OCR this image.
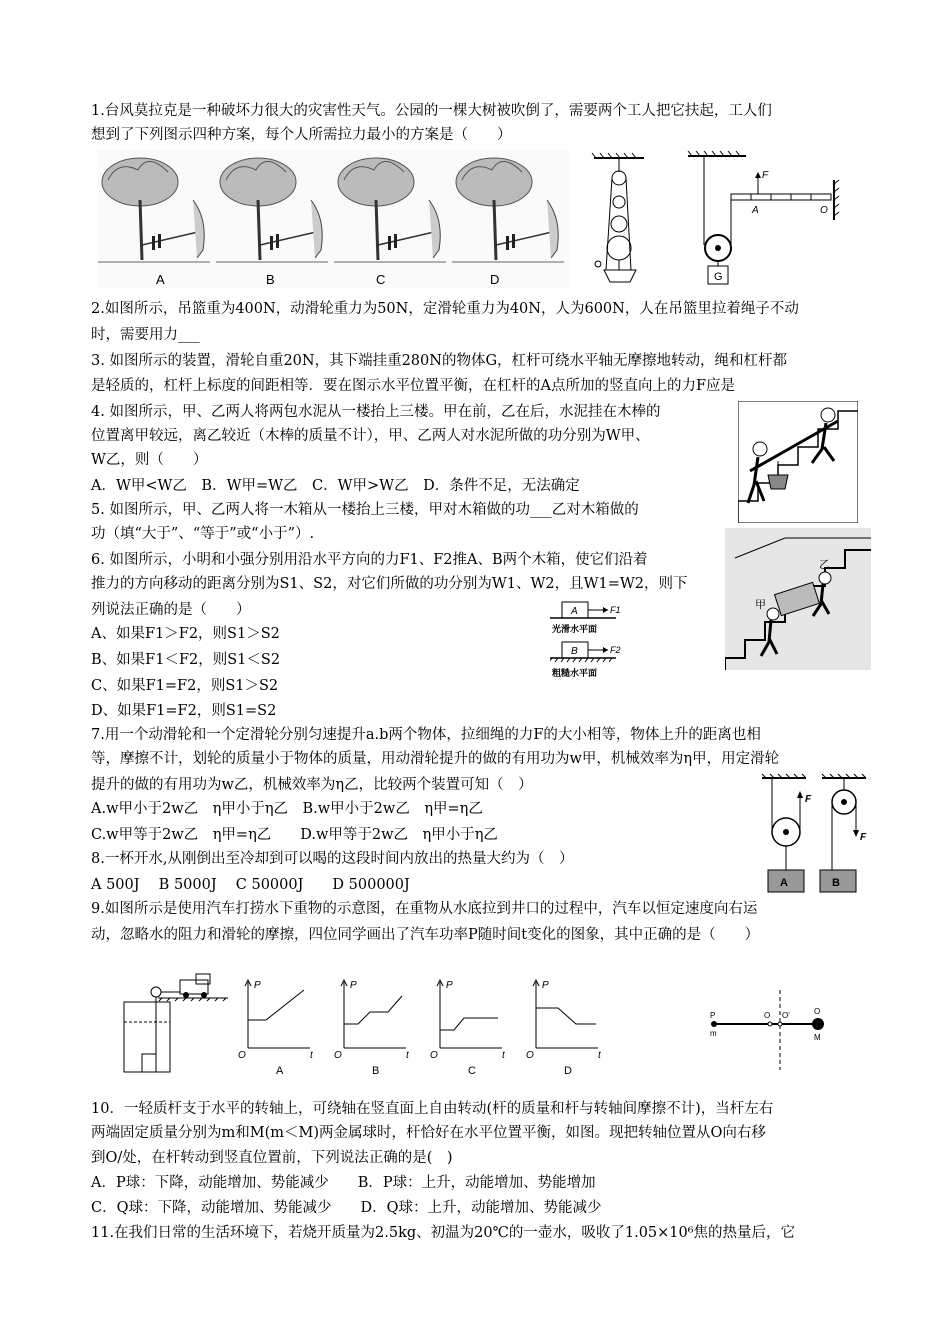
1.台风莫拉克是一种破坏力很大的灾害性天气。公园的一棵大树被吹倒了，需要两个工人把它扶起，工人们
想到了下列图示四种方案，每个人所需拉力最小的方案是（　　）
2.如图所示，吊篮重为400N，动滑轮重力为50N，定滑轮重力为40N，人为600N，人在吊篮里拉着绳子不动
时，需要用力___
3. 如图所示的装置，滑轮自重20N，其下端挂重280N的物体G，杠杆可绕水平轴无摩擦地转动，绳和杠杆都
是轻质的，杠杆上标度的间距相等．要在图示水平位置平衡，在杠杆的A点所加的竖直向上的力F应是
4. 如图所示，甲、乙两人将两包水泥从一楼抬上三楼。甲在前，乙在后，水泥挂在木棒的
位置离甲较远，离乙较近（木棒的质量不计），甲、乙两人对水泥所做的功分别为W甲、
W乙，则（　　）
A．W甲<W乙　B．W甲=W乙　C．W甲>W乙　D．条件不足，无法确定
5. 如图所示，甲、乙两人将一木箱从一楼抬上三楼，甲对木箱做的功___乙对木箱做的
功（填“大于”、“等于”或“小于”）.
6. 如图所示，小明和小强分别用沿水平方向的力F1、F2推A、B两个木箱，使它们沿着
推力的方向移动的距离分别为S1、S2，对它们所做的功分别为W1、W2，且W1=W2，则下
列说法正确的是（　　）
A、如果F1＞F2，则S1＞S2
B、如果F1＜F2，则S1＜S2
C、如果F1=F2，则S1＞S2
D、如果F1=F2，则S1=S2
7.用一个动滑轮和一个定滑轮分别匀速提升a.b两个物体，拉细绳的力F的大小相等，物体上升的距离也相
等，摩擦不计，划轮的质量小于物体的质量，用动滑轮提升的做的有用功为w甲，机械效率为η甲，用定滑轮
提升的做的有用功为w乙，机械效率为η乙，比较两个装置可知（　）
A.w甲小于2w乙　η甲小于η乙　B.w甲小于2w乙　η甲=η乙
C.w甲等于2w乙　η甲=η乙　　D.w甲等于2w乙　η甲小于η乙
8.一杯开水,从刚倒出至冷却到可以喝的这段时间内放出的热量大约为（　）
A 500J　 B 5000J　 C 50000J　　D 500000J
9.如图所示是使用汽车打捞水下重物的示意图，在重物从水底拉到井口的过程中，汽车以恒定速度向右运
动，忽略水的阻力和滑轮的摩擦，四位同学画出了汽车功率P随时间t变化的图象，其中正确的是（　　）
10．一轻质杆支于水平的转轴上，可绕轴在竖直面上自由转动(杆的质量和杆与转轴间摩擦不计)，当杆左右
两端固定质量分别为m和M(m＜M)两金属球时，杆恰好在水平位置平衡，如图。现把转轴位置从O向右移
到O/处，在杆转动到竖直位置前，下列说法正确的是(　)
A．P球：下降，动能增加、势能减少　　B．P球：上升，动能增加、势能增加
C．Q球：下降，动能增加、势能减少　　D．Q球：上升，动能增加、势能减少
11.在我们日常的生活环境下，若烧开质量为2.5kg、初温为20℃的一壶水，吸收了1.05×10⁶焦的热量后，它
A	B	C	D
F
A	O
G
甲
乙
A	F1
光滑水平面
B	F2
粗糙水平面
F
A
F
B
P	P	P	P
O	O	O	O
t	t	t	t
A	B	C	D
P
m
O O'	O
M
